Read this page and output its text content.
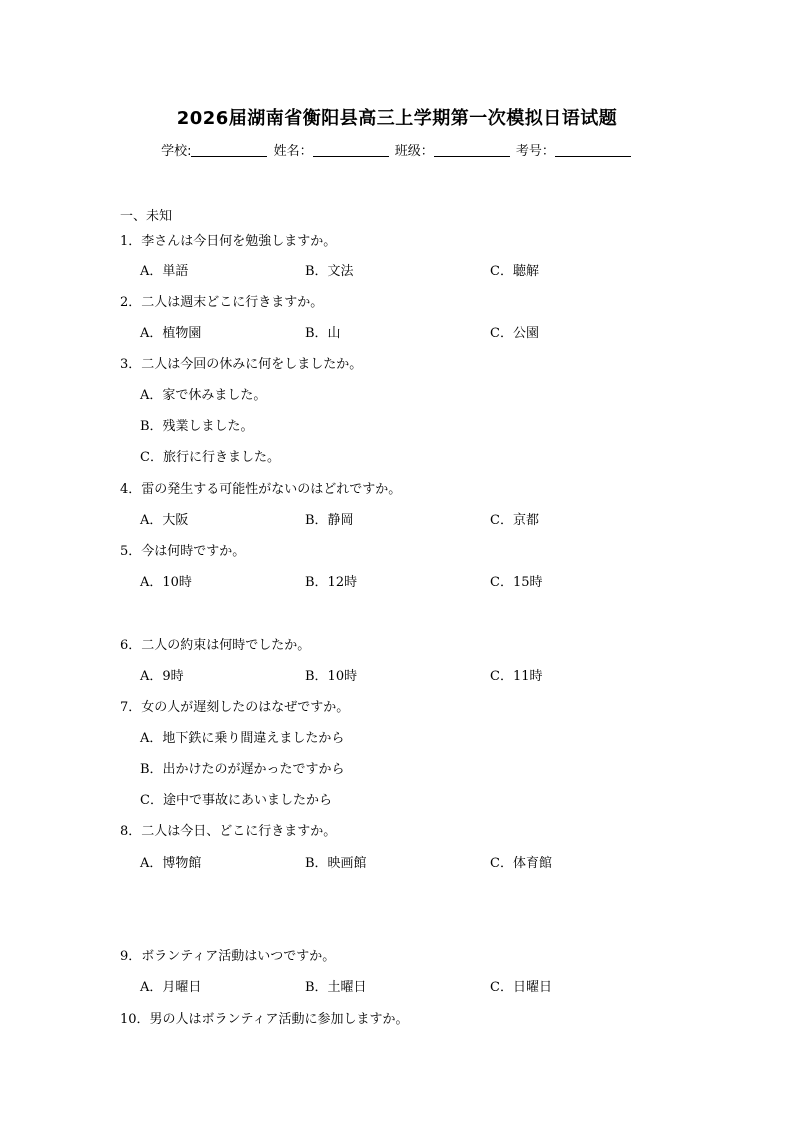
2026届湖南省衡阳县高三上学期第一次模拟日语试题
学校:	姓名：	班级：	考号：
一、未知
1．李さんは今日何を勉強しますか。
A．単語	B．文法	C．聴解
2．二人は週末どこに行きますか。
A．植物園	B．山	C．公園
3．二人は今回の休みに何をしましたか。
A．家で休みました。
B．残業しました。
C．旅行に行きました。
4．雷の発生する可能性がないのはどれですか。
A．大阪	B．静岡	C．京都
5．今は何時ですか。
A．10時	B．12時	C．15時
6．二人の約束は何時でしたか。
A．9時	B．10時	C．11時
7．女の人が遅刻したのはなぜですか。
A．地下鉄に乗り間違えましたから
B．出かけたのが遅かったですから
C．途中で事故にあいましたから
8．二人は今日、どこに行きますか。
A．博物館	B．映画館	C．体育館
9．ボランティア活動はいつですか。
A．月曜日	B．土曜日	C．日曜日
10．男の人はボランティア活動に参加しますか。
